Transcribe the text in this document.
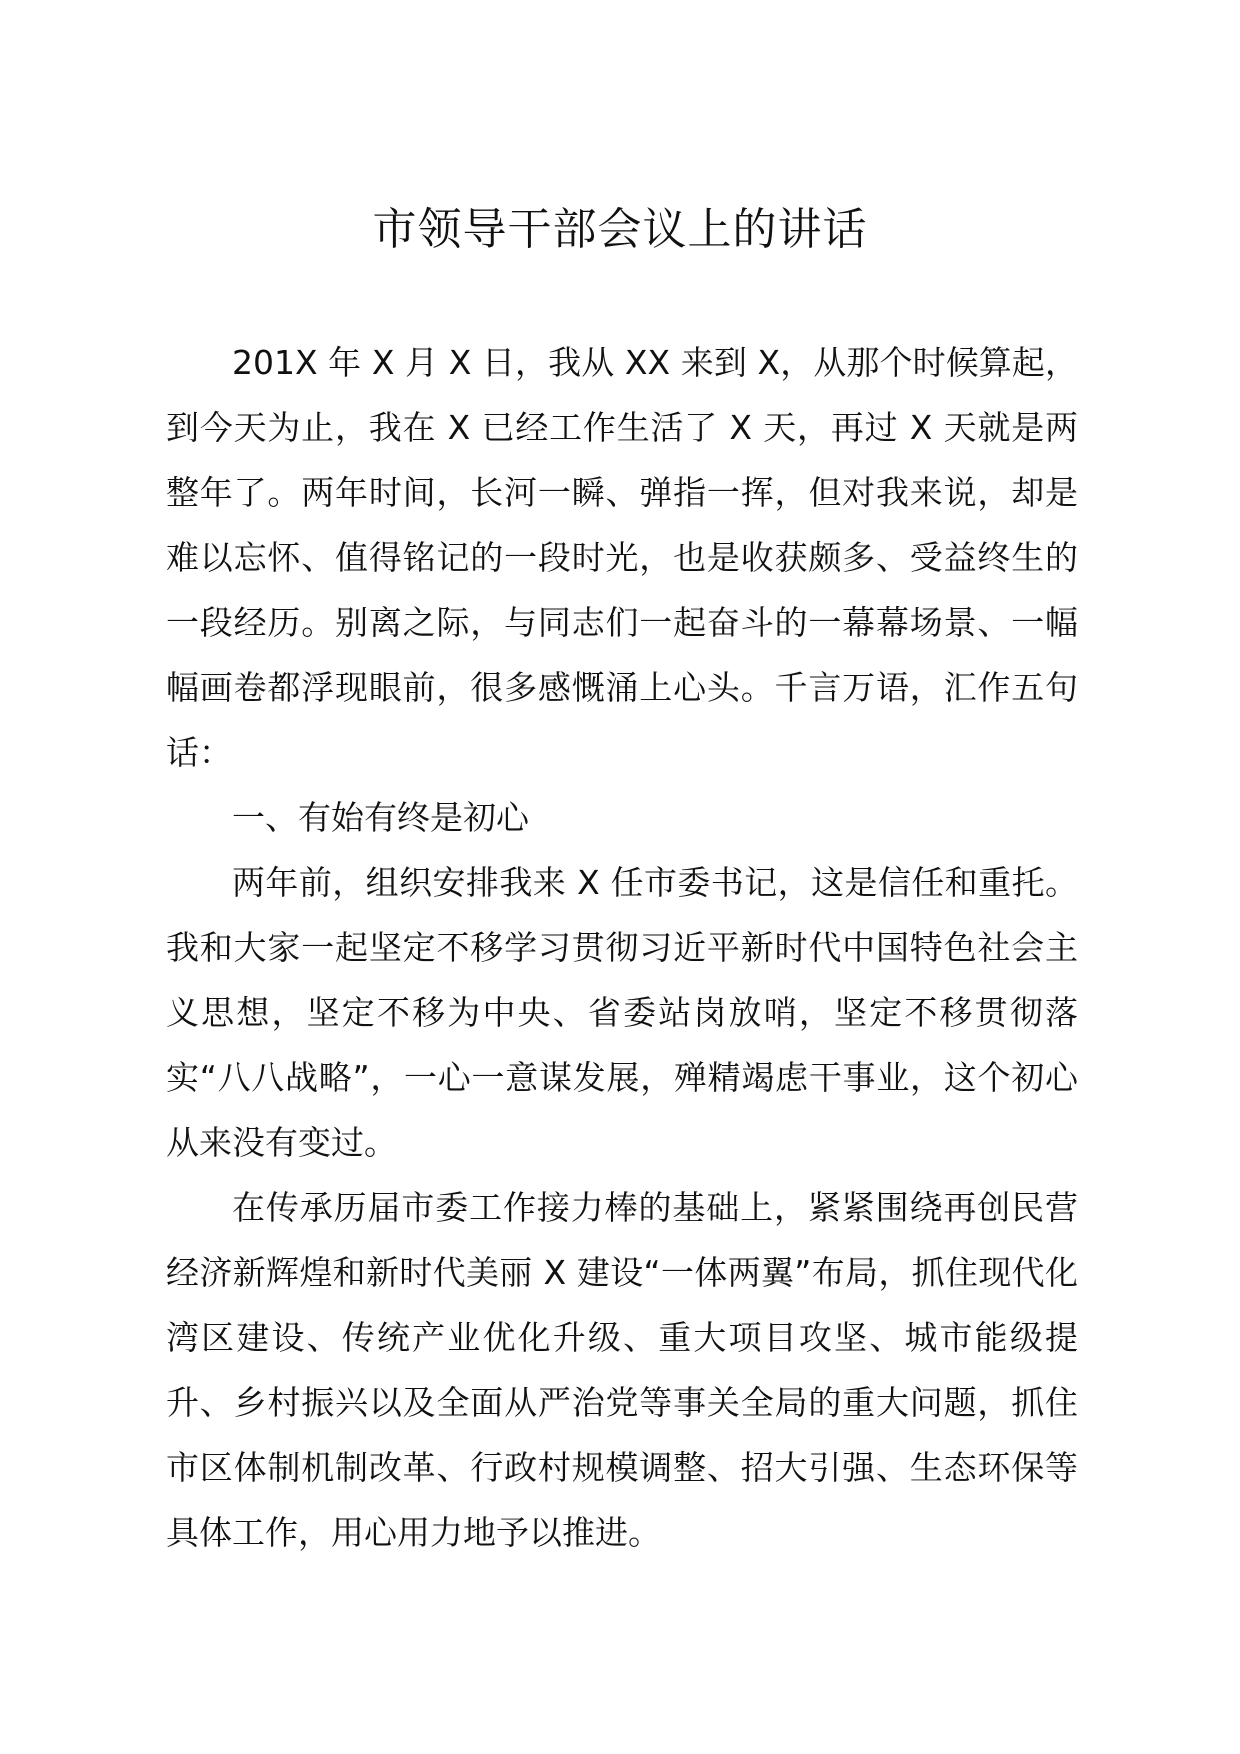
市领导干部会议上的讲话

201X 年 X 月 X 日，我从 XX 来到 X，从那个时候算起，到今天为止，我在 X 已经工作生活了 X 天，再过 X 天就是两整年了。两年时间，长河一瞬、弹指一挥，但对我来说，却是难以忘怀、值得铭记的一段时光，也是收获颇多、受益终生的一段经历。别离之际，与同志们一起奋斗的一幕幕场景、一幅幅画卷都浮现眼前，很多感慨涌上心头。千言万语，汇作五句话：

一、有始有终是初心

两年前，组织安排我来 X 任市委书记，这是信任和重托。我和大家一起坚定不移学习贯彻习近平新时代中国特色社会主义思想，坚定不移为中央、省委站岗放哨，坚定不移贯彻落实“八八战略”，一心一意谋发展，殚精竭虑干事业，这个初心从来没有变过。

在传承历届市委工作接力棒的基础上，紧紧围绕再创民营经济新辉煌和新时代美丽 X 建设“一体两翼”布局，抓住现代化湾区建设、传统产业优化升级、重大项目攻坚、城市能级提升、乡村振兴以及全面从严治党等事关全局的重大问题，抓住市区体制机制改革、行政村规模调整、招大引强、生态环保等具体工作，用心用力地予以推进。
